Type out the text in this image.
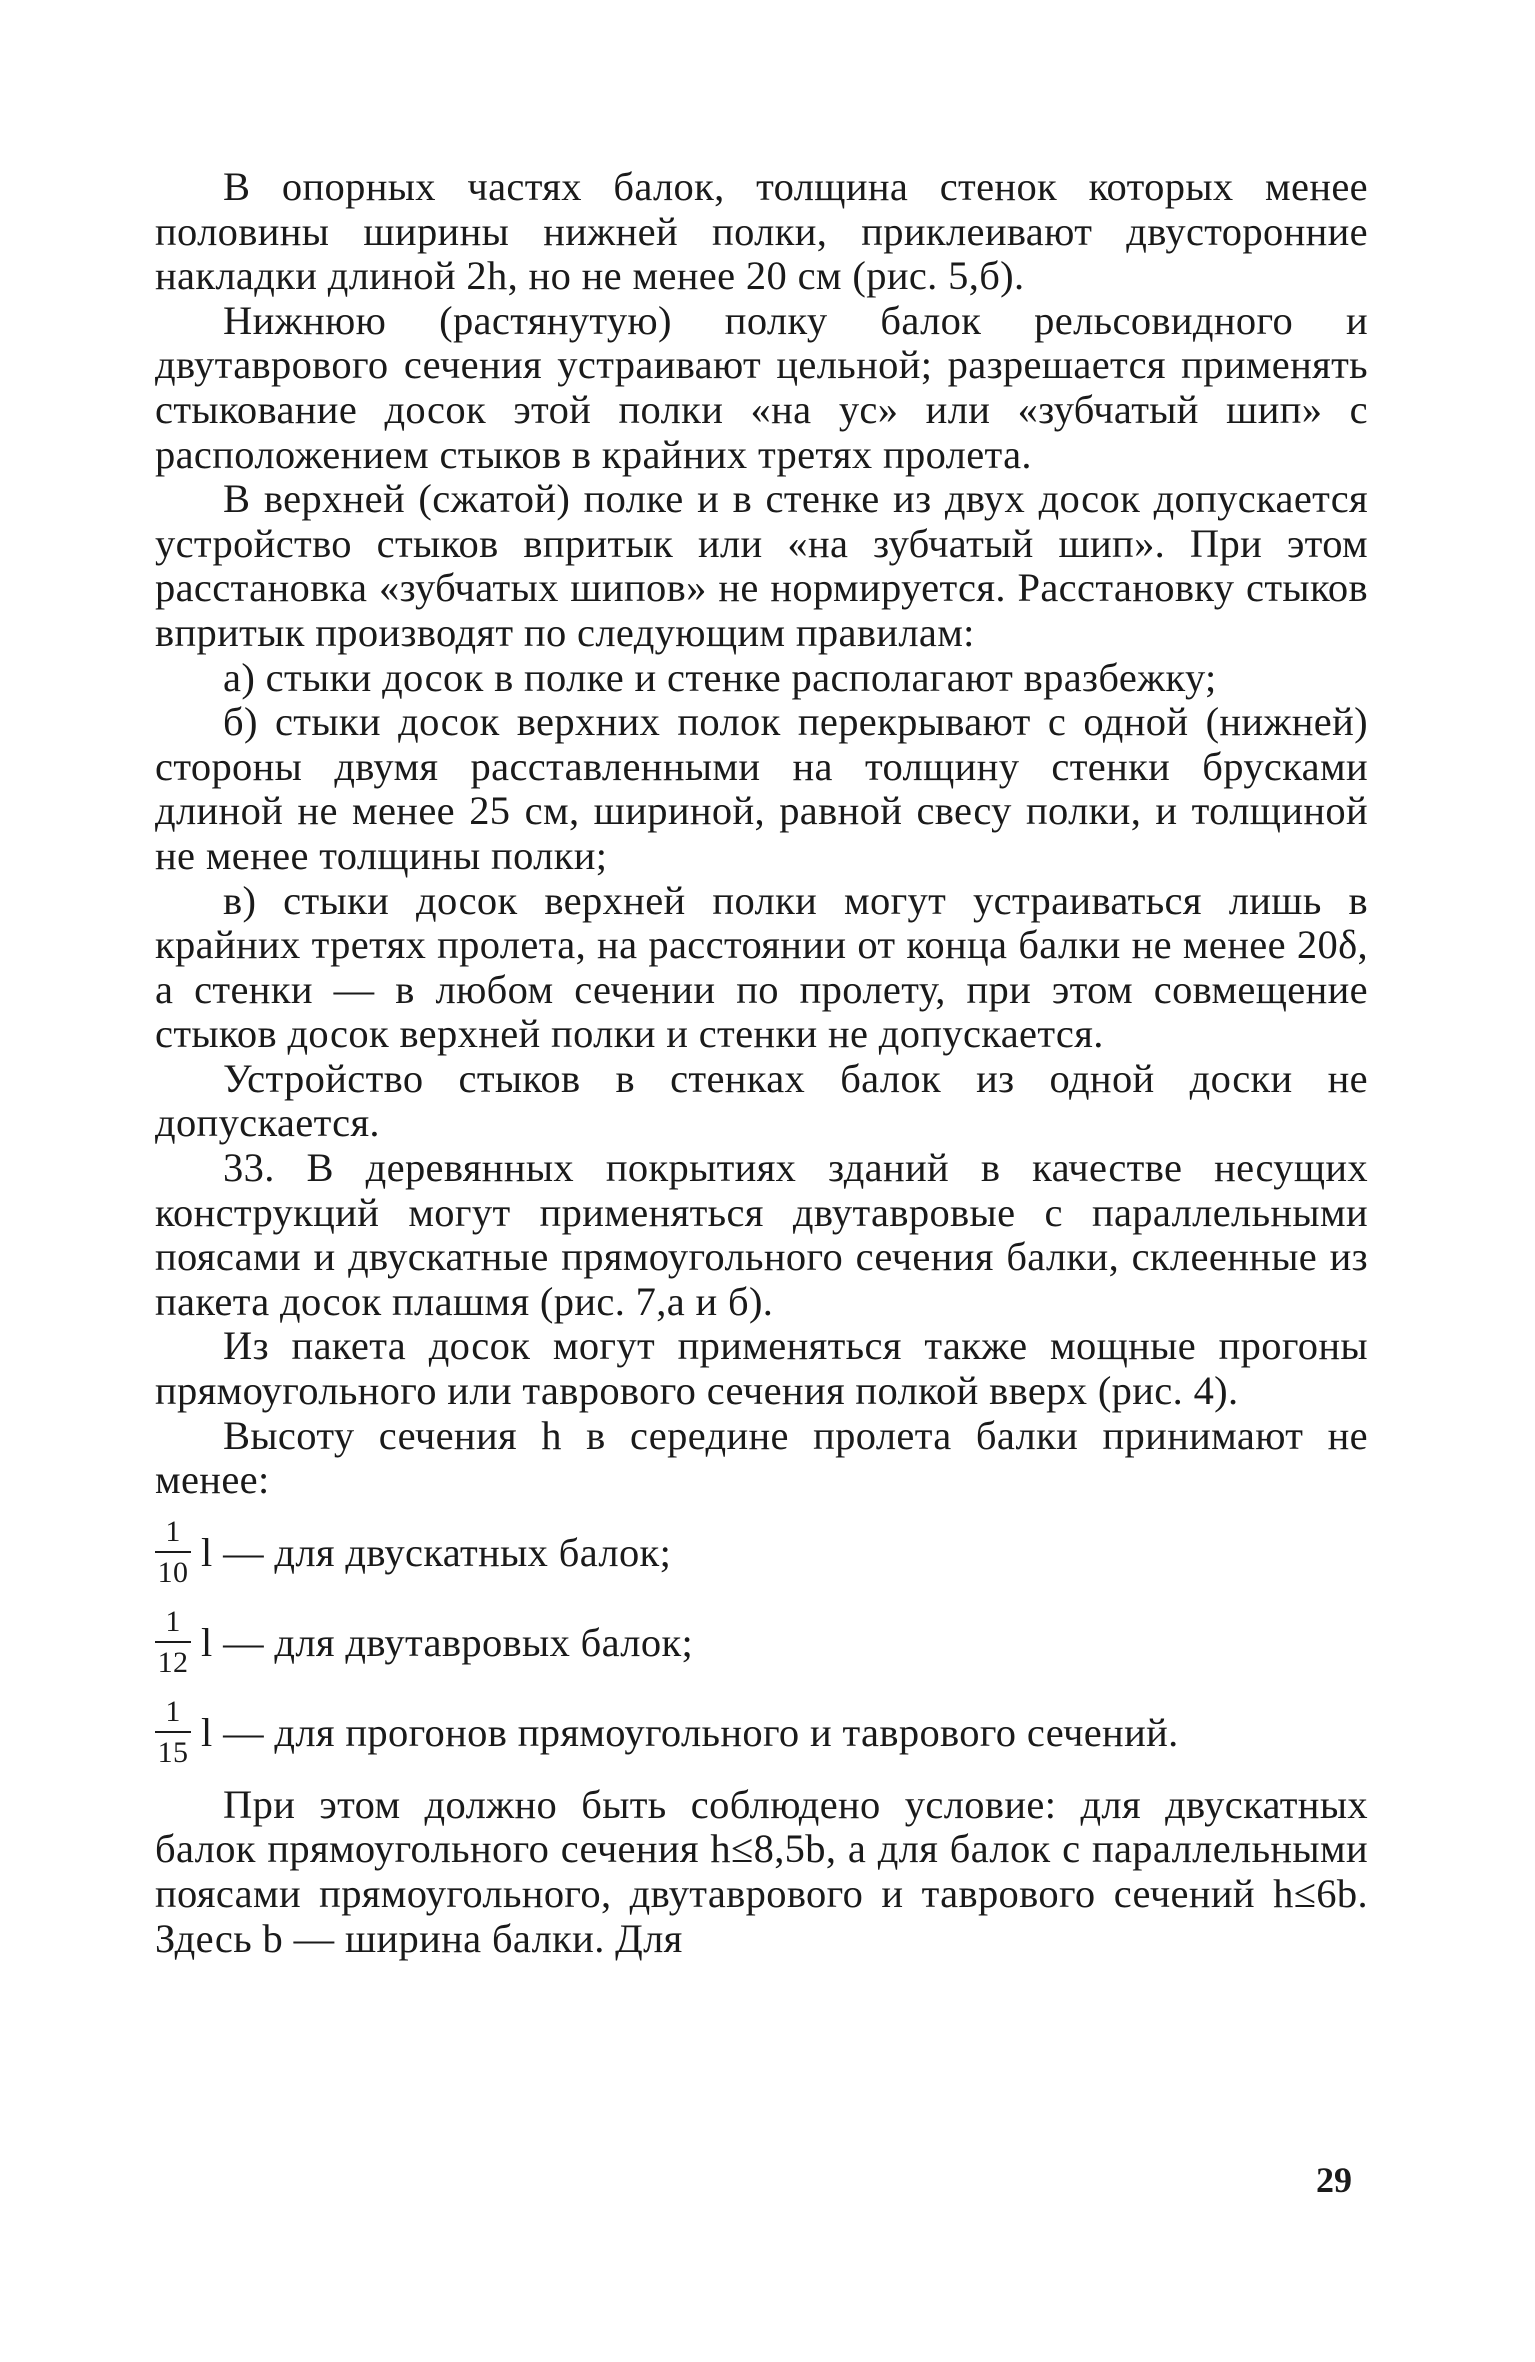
В опорных частях балок, толщина стенок которых менее половины ширины нижней полки, приклеивают двусторонние накладки длиной 2h, но не менее 20 см (рис. 5,б).

Нижнюю (растянутую) полку балок рельсовидного и двутаврового сечения устраивают цельной; разрешается применять стыкование досок этой полки «на ус» или «зубчатый шип» с расположением стыков в крайних третях пролета.

В верхней (сжатой) полке и в стенке из двух досок допускается устройство стыков впритык или «на зубчатый шип». При этом расстановка «зубчатых шипов» не нормируется. Расстановку стыков впритык производят по следующим правилам:

а) стыки досок в полке и стенке располагают вразбежку;

б) стыки досок верхних полок перекрывают с одной (нижней) стороны двумя расставленными на толщину стенки брусками длиной не менее 25 см, шириной, равной свесу полки, и толщиной не менее толщины полки;

в) стыки досок верхней полки могут устраиваться лишь в крайних третях пролета, на расстоянии от конца балки не менее 20δ, а стенки — в любом сечении по пролету, при этом совмещение стыков досок верхней полки и стенки не допускается.

Устройство стыков в стенках балок из одной доски не допускается.

33. В деревянных покрытиях зданий в качестве несущих конструкций могут применяться двутавровые с параллельными поясами и двускатные прямоугольного сечения балки, склеенные из пакета досок плашмя (рис. 7,а и б).

Из пакета досок могут применяться также мощные прогоны прямоугольного или таврового сечения полкой вверх (рис. 4).

Высоту сечения h в середине пролета балки принимают не менее:

$\frac{1}{10}$ l — для двускатных балок;
$\frac{1}{12}$ l — для двутавровых балок;
$\frac{1}{15}$ l — для прогонов прямоугольного и таврового сечений.

При этом должно быть соблюдено условие: для двускатных балок прямоугольного сечения h≤8,5b, а для балок с параллельными поясами прямоугольного, двутаврового и таврового сечений h≤6b. Здесь b — ширина балки. Для

29
